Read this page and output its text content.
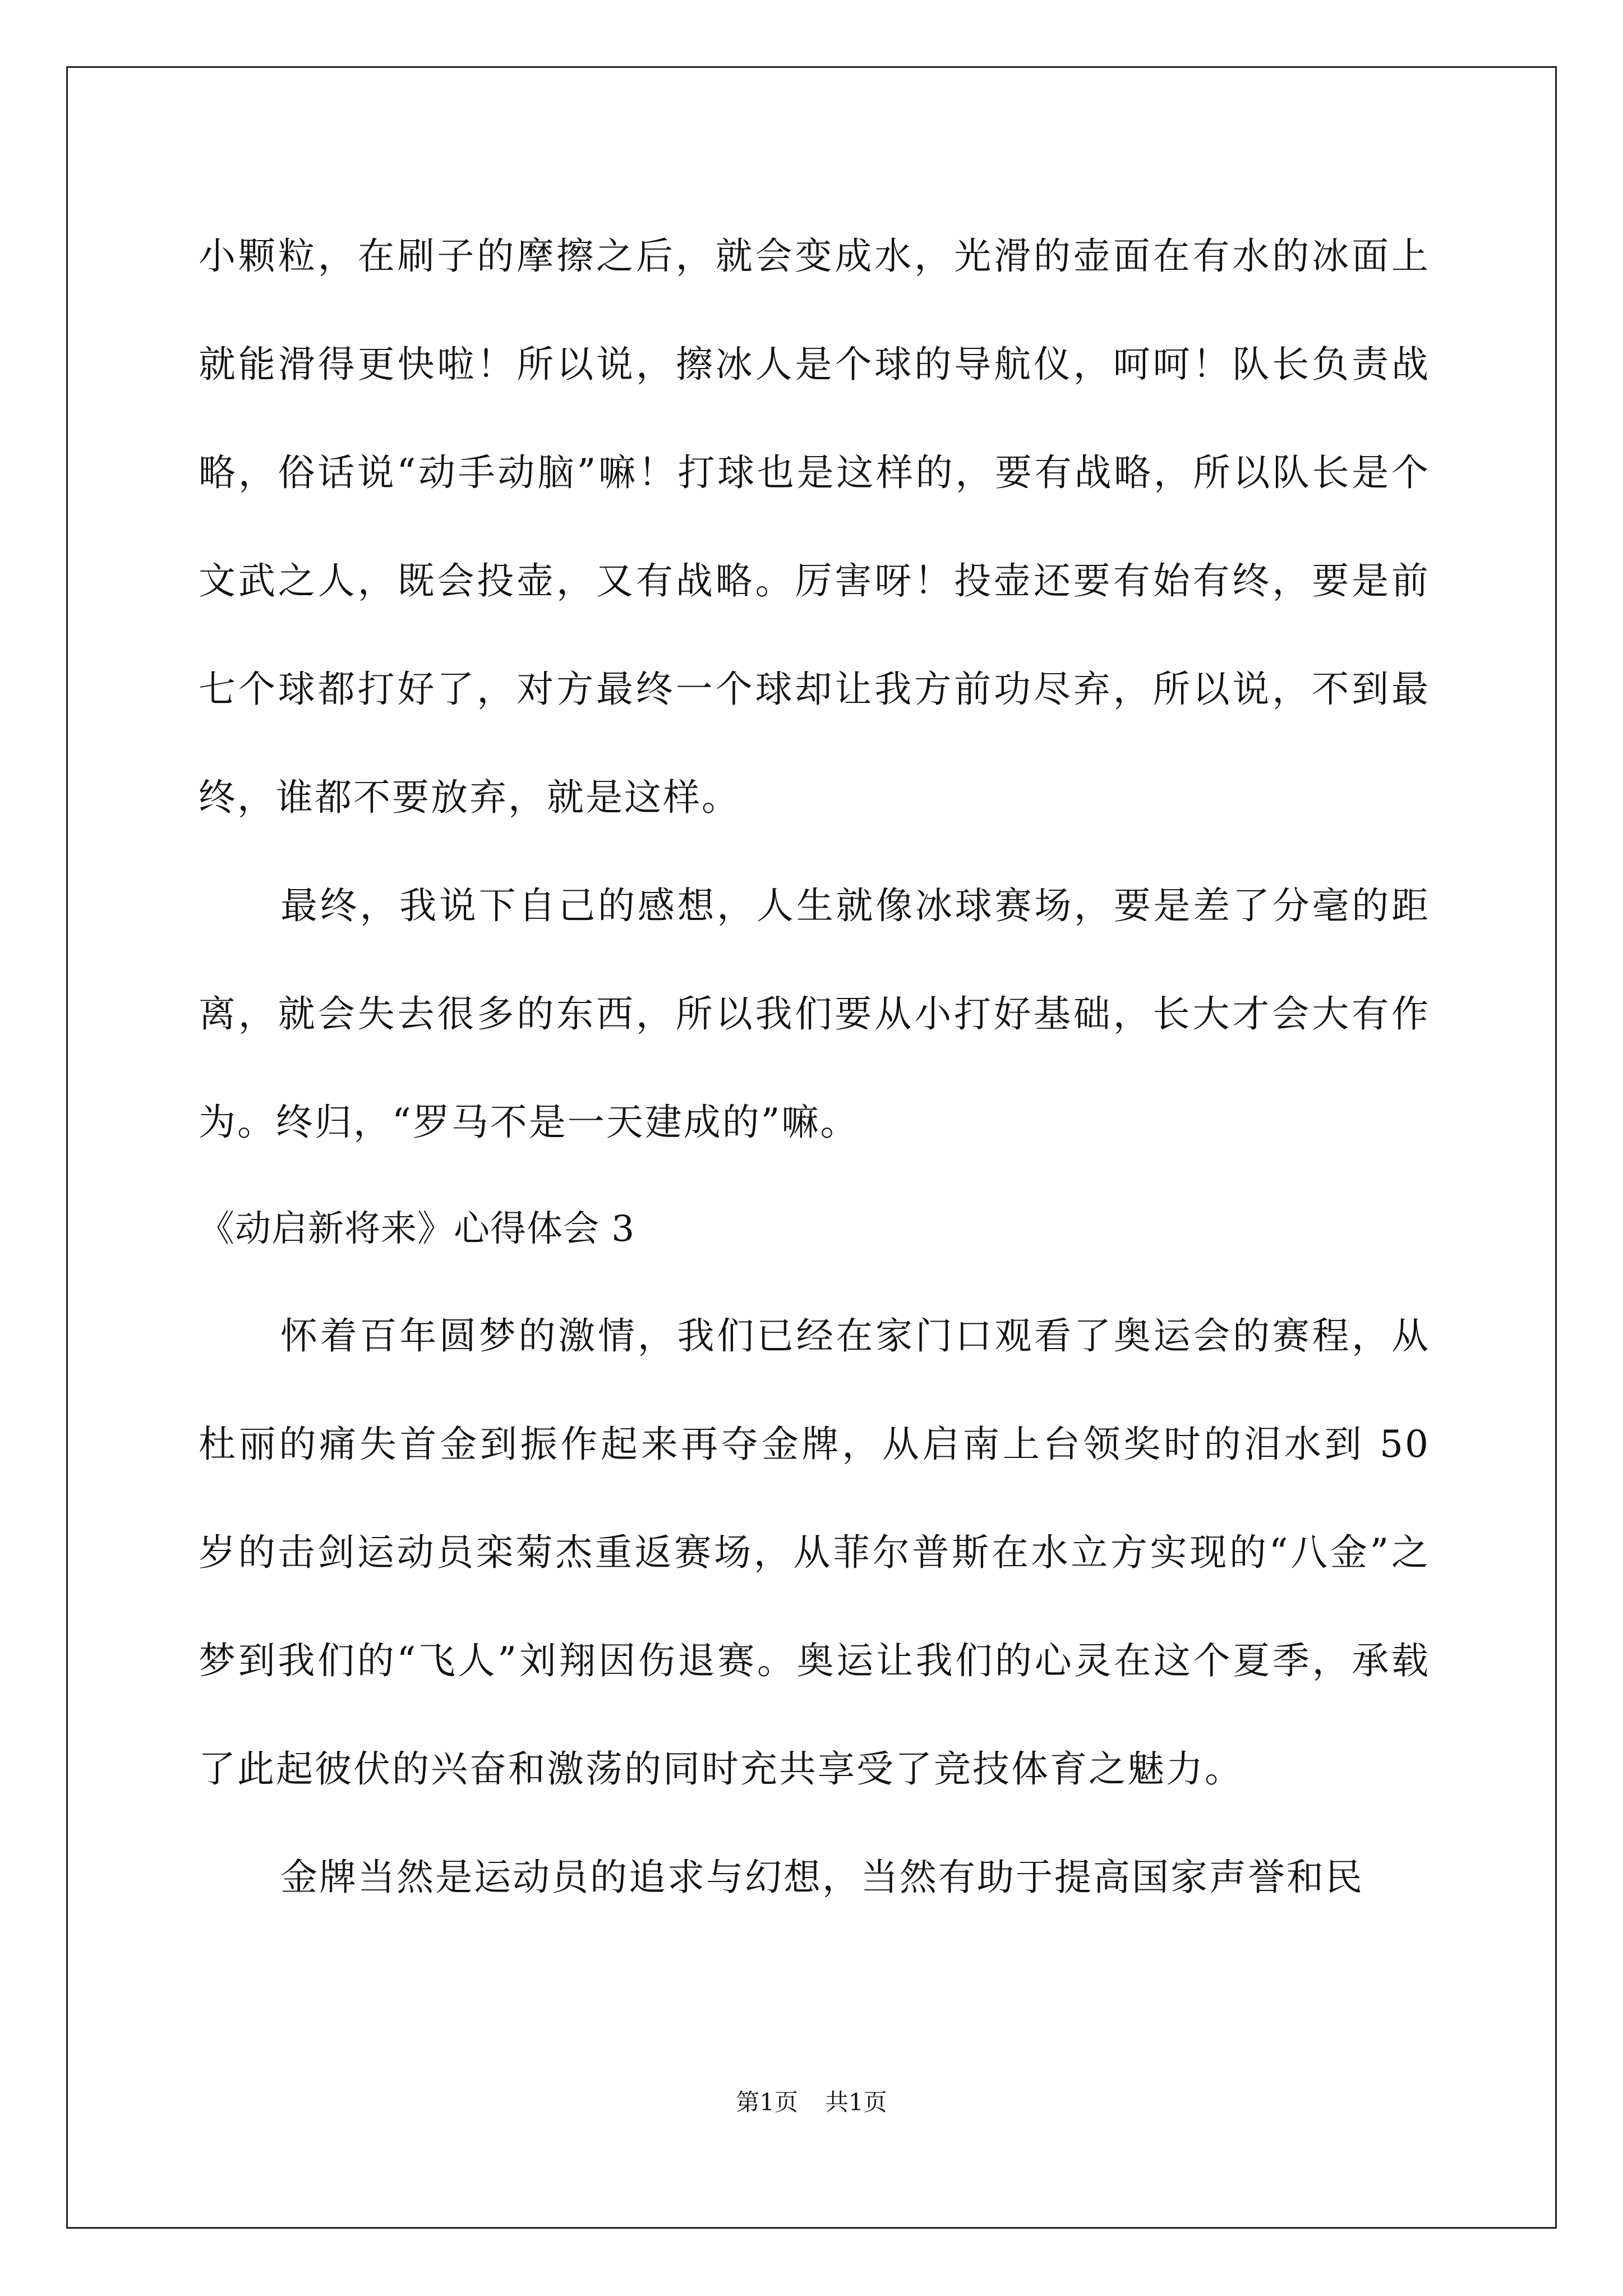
小颗粒，在刷子的摩擦之后，就会变成水，光滑的壶面在有水的冰面上就能滑得更快啦！所以说，擦冰人是个球的导航仪，呵呵！队长负责战略，俗话说“动手动脑”嘛！打球也是这样的，要有战略，所以队长是个文武之人，既会投壶，又有战略。厉害呀！投壶还要有始有终，要是前七个球都打好了，对方最终一个球却让我方前功尽弃，所以说，不到最终，谁都不要放弃，就是这样。

最终，我说下自己的感想，人生就像冰球赛场，要是差了分毫的距离，就会失去很多的东西，所以我们要从小打好基础，长大才会大有作为。终归，“罗马不是一天建成的”嘛。

《动启新将来》心得体会 3

怀着百年圆梦的激情，我们已经在家门口观看了奥运会的赛程，从杜丽的痛失首金到振作起来再夺金牌，从启南上台领奖时的泪水到 50 岁的击剑运动员栾菊杰重返赛场，从菲尔普斯在水立方实现的“八金”之梦到我们的“飞人”刘翔因伤退赛。奥运让我们的心灵在这个夏季，承载了此起彼伏的兴奋和激荡的同时充共享受了竞技体育之魅力。

金牌当然是运动员的追求与幻想，当然有助于提高国家声誉和民

第1页 共1页
